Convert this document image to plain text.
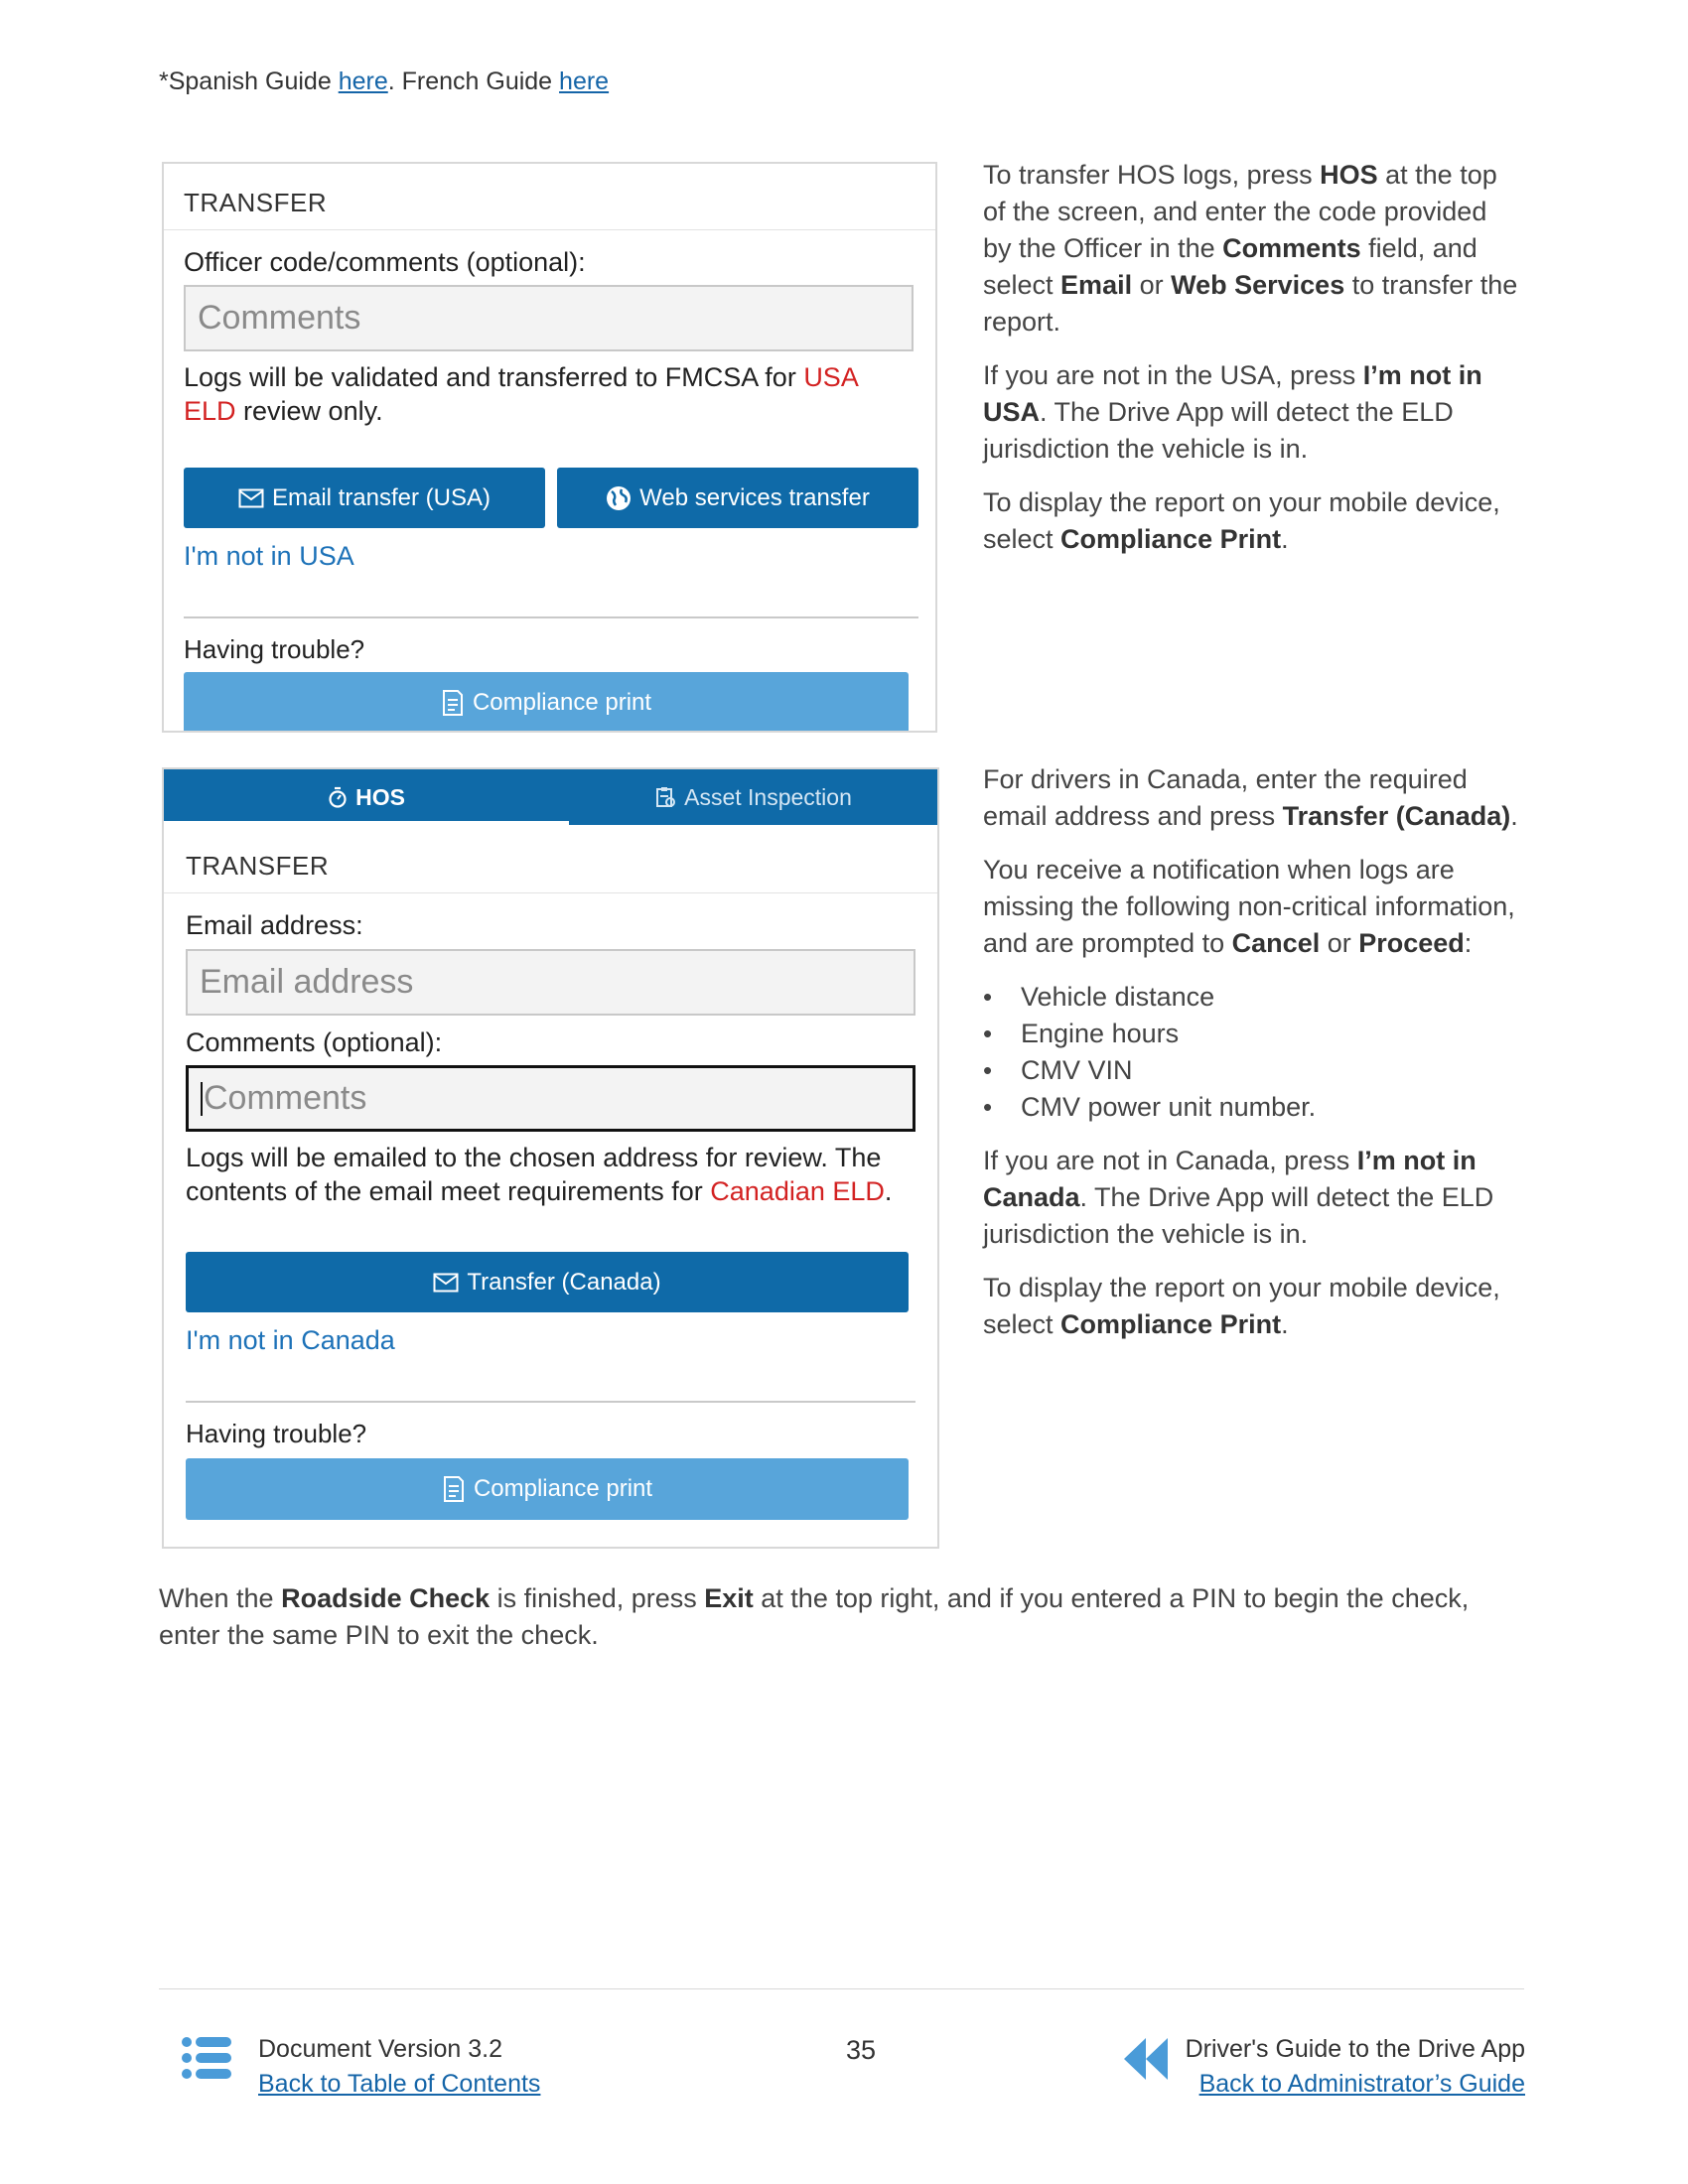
*Spanish Guide here. French Guide here
TRANSFER
Officer code/comments (optional):
Comments
Logs will be validated and transferred to FMCSA for USA ELD review only.
Email transfer (USA)	Web services transfer
I'm not in USA
Having trouble?
Compliance print

To transfer HOS logs, press HOS at the top of the screen, and enter the code provided by the Officer in the Comments field, and select Email or Web Services to transfer the report.

If you are not in the USA, press I’m not in USA. The Drive App will detect the ELD jurisdiction the vehicle is in.

To display the report on your mobile device, select Compliance Print.

HOS	Asset Inspection
TRANSFER
Email address:
Email address
Comments (optional):
Comments
Logs will be emailed to the chosen address for review. The contents of the email meet requirements for Canadian ELD.
Transfer (Canada)
I'm not in Canada
Having trouble?
Compliance print

For drivers in Canada, enter the required email address and press Transfer (Canada).

You receive a notification when logs are missing the following non-critical information, and are prompted to Cancel or Proceed:

• Vehicle distance
• Engine hours
• CMV VIN
• CMV power unit number.

If you are not in Canada, press I’m not in Canada. The Drive App will detect the ELD jurisdiction the vehicle is in.

To display the report on your mobile device, select Compliance Print.

When the Roadside Check is finished, press Exit at the top right, and if you entered a PIN to begin the check, enter the same PIN to exit the check.
Document Version 3.2
Back to Table of Contents
35	Driver's Guide to the Drive App
Back to Administrator’s Guide
